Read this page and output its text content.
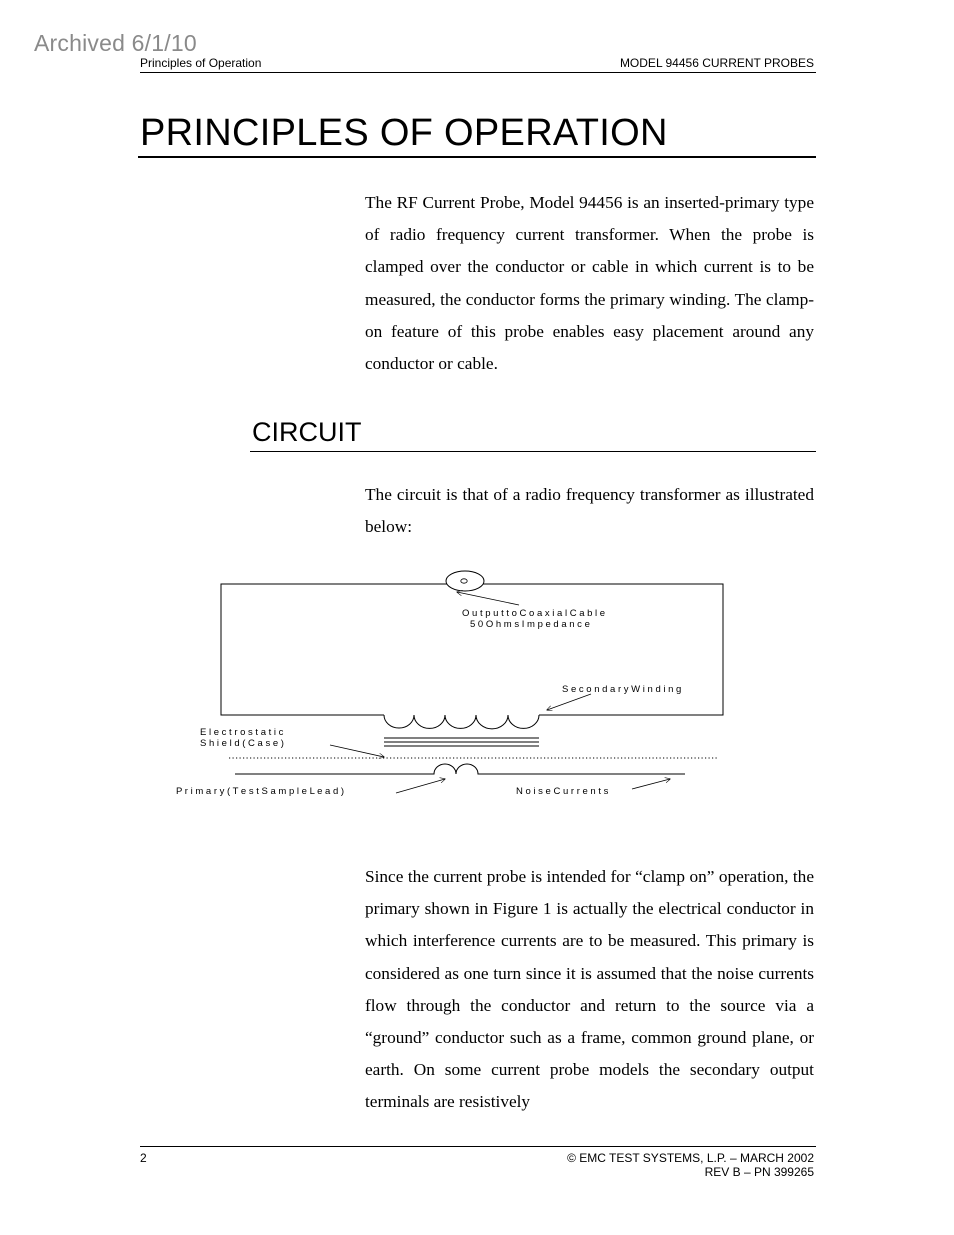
Archived 6/1/10
Principles of Operation	MODEL 94456 CURRENT PROBES
PRINCIPLES OF OPERATION

The RF Current Probe, Model 94456 is an inserted-primary type of radio frequency current transformer. When the probe is clamped over the conductor or cable in which current is to be measured, the conductor forms the primary winding. The clamp-on feature of this probe enables easy placement around any conductor or cable.

CIRCUIT

The circuit is that of a radio frequency transformer as illustrated below:

O u t p u t t o C o a x i a l C a b l e
5 0 O h m s I m p e d a n c e
S e c o n d a r y W i n d i n g
E l e c t r o s t a t i c
S h i e l d ( C a s e )
P r i m a r y ( T e s t S a m p l e L e a d )	N o i s e C u r r e n t s

Since the current probe is intended for “clamp on” operation, the primary shown in Figure 1 is actually the electrical conductor in which interference currents are to be measured. This primary is considered as one turn since it is assumed that the noise currents flow through the conductor and return to the source via a “ground” conductor such as a frame, common ground plane, or earth. On some current probe models the secondary output terminals are resistively

2	© EMC TEST SYSTEMS, L.P. – MARCH 2002
REV B – PN 399265
